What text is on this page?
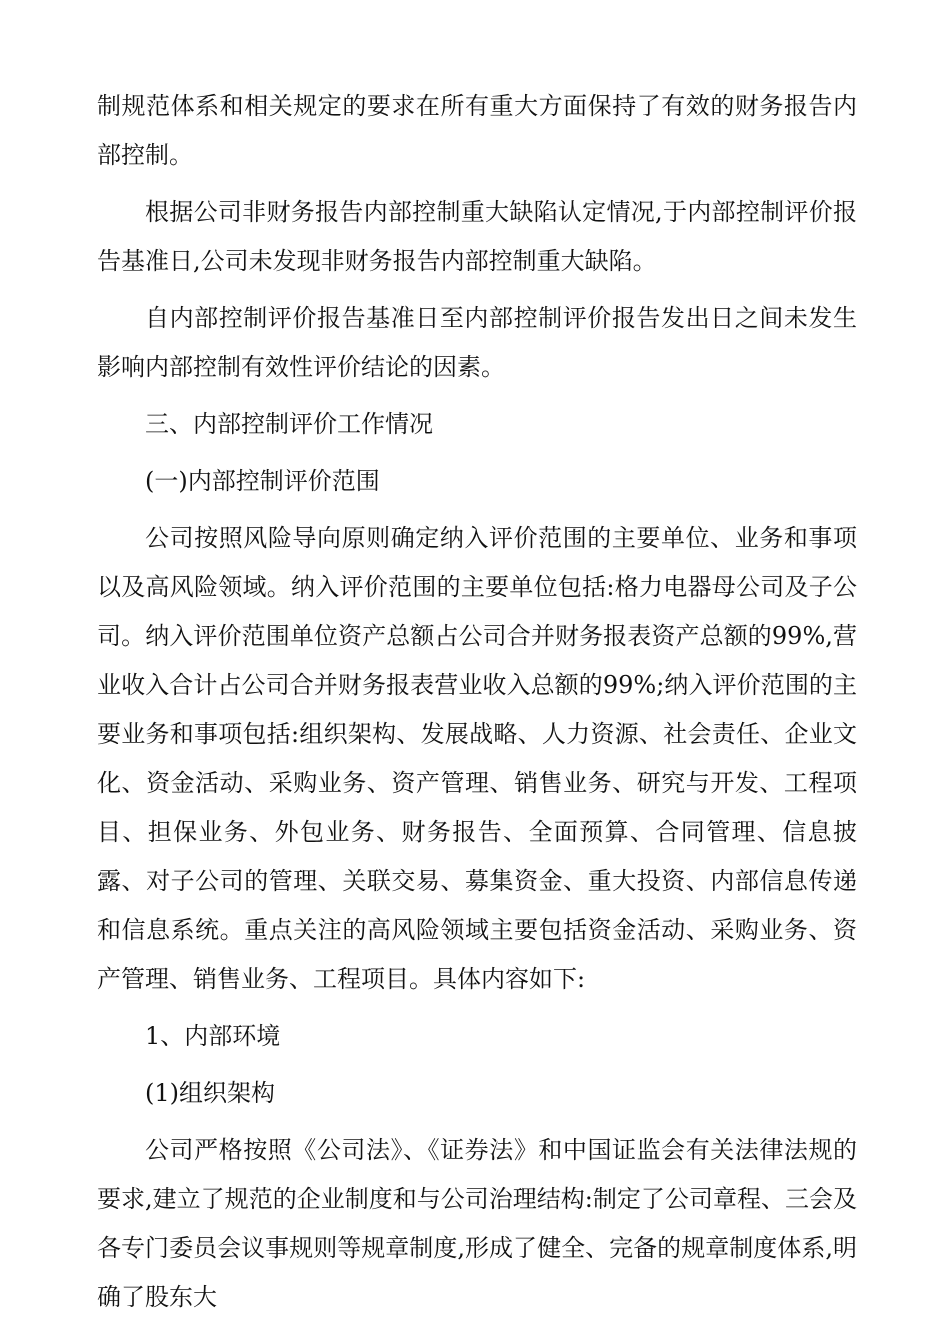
制规范体系和相关规定的要求在所有重大方面保持了有效的财务报告内部控制。

根据公司非财务报告内部控制重大缺陷认定情况,于内部控制评价报告基准日,公司未发现非财务报告内部控制重大缺陷。

自内部控制评价报告基准日至内部控制评价报告发出日之间未发生影响内部控制有效性评价结论的因素。

三、内部控制评价工作情况

(一)内部控制评价范围

公司按照风险导向原则确定纳入评价范围的主要单位、业务和事项以及高风险领域。纳入评价范围的主要单位包括:格力电器母公司及子公司。纳入评价范围单位资产总额占公司合并财务报表资产总额的99%,营业收入合计占公司合并财务报表营业收入总额的99%;纳入评价范围的主要业务和事项包括:组织架构、发展战略、人力资源、社会责任、企业文化、资金活动、采购业务、资产管理、销售业务、研究与开发、工程项目、担保业务、外包业务、财务报告、全面预算、合同管理、信息披露、对子公司的管理、关联交易、募集资金、重大投资、内部信息传递和信息系统。重点关注的高风险领域主要包括资金活动、采购业务、资产管理、销售业务、工程项目。具体内容如下:

1、内部环境

(1)组织架构

公司严格按照《公司法》、《证券法》和中国证监会有关法律法规的要求,建立了规范的企业制度和与公司治理结构:制定了公司章程、三会及各专门委员会议事规则等规章制度,形成了健全、完备的规章制度体系,明确了股东大
